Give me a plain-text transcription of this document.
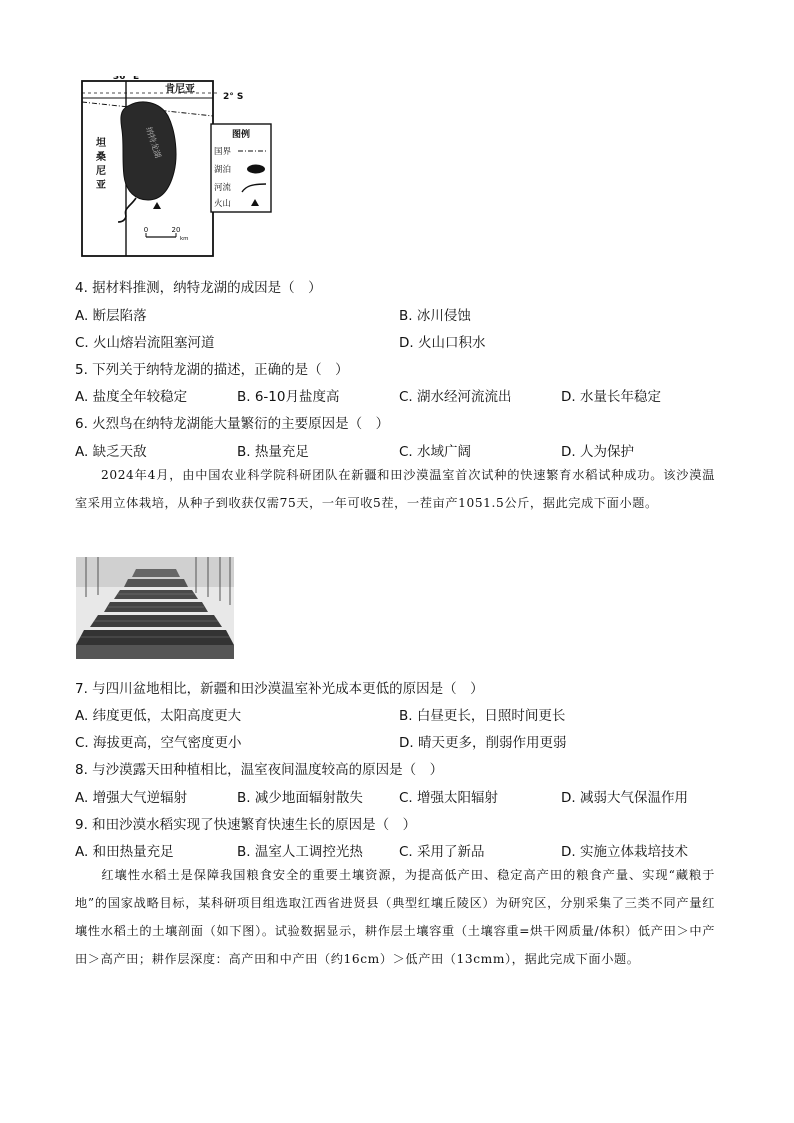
36° E
2° S
肯尼亚
纳特龙湖
坦
桑
尼
亚
0	20
km
图例
国界
湖泊
河流
火山
4. 据材料推测，纳特龙湖的成因是（　）
A. 断层陷落	B. 冰川侵蚀
C. 火山熔岩流阻塞河道	D. 火山口积水
5. 下列关于纳特龙湖的描述，正确的是（　）
A. 盐度全年较稳定	B. 6-10月盐度高	C. 湖水经河流流出	D. 水量长年稳定
6. 火烈鸟在纳特龙湖能大量繁衍的主要原因是（　）
A. 缺乏天敌	B. 热量充足	C. 水域广阔	D. 人为保护
2024年4月，由中国农业科学院科研团队在新疆和田沙漠温室首次试种的快速繁育水稻试种成功。该沙漠温室采用立体栽培，从种子到收获仅需75天，一年可收5茬，一茬亩产1051.5公斤，据此完成下面小题。
7. 与四川盆地相比，新疆和田沙漠温室补光成本更低的原因是（　）
A. 纬度更低，太阳高度更大	B. 白昼更长，日照时间更长
C. 海拔更高，空气密度更小	D. 晴天更多，削弱作用更弱
8. 与沙漠露天田种植相比，温室夜间温度较高的原因是（　）
A. 增强大气逆辐射	B. 减少地面辐射散失	C. 增强太阳辐射	D. 减弱大气保温作用
9. 和田沙漠水稻实现了快速繁育快速生长的原因是（　）
A. 和田热量充足	B. 温室人工调控光热	C. 采用了新品	D. 实施立体栽培技术
红壤性水稻土是保障我国粮食安全的重要土壤资源，为提高低产田、稳定高产田的粮食产量、实现“藏粮于地”的国家战略目标，某科研项目组选取江西省进贤县（典型红壤丘陵区）为研究区，分别采集了三类不同产量红壤性水稻土的土壤剖面（如下图）。试验数据显示，耕作层土壤容重（土壤容重=烘干网质量/体积）低产田＞中产田＞高产田；耕作层深度：高产田和中产田（约16cm）＞低产田（13cmm），据此完成下面小题。
